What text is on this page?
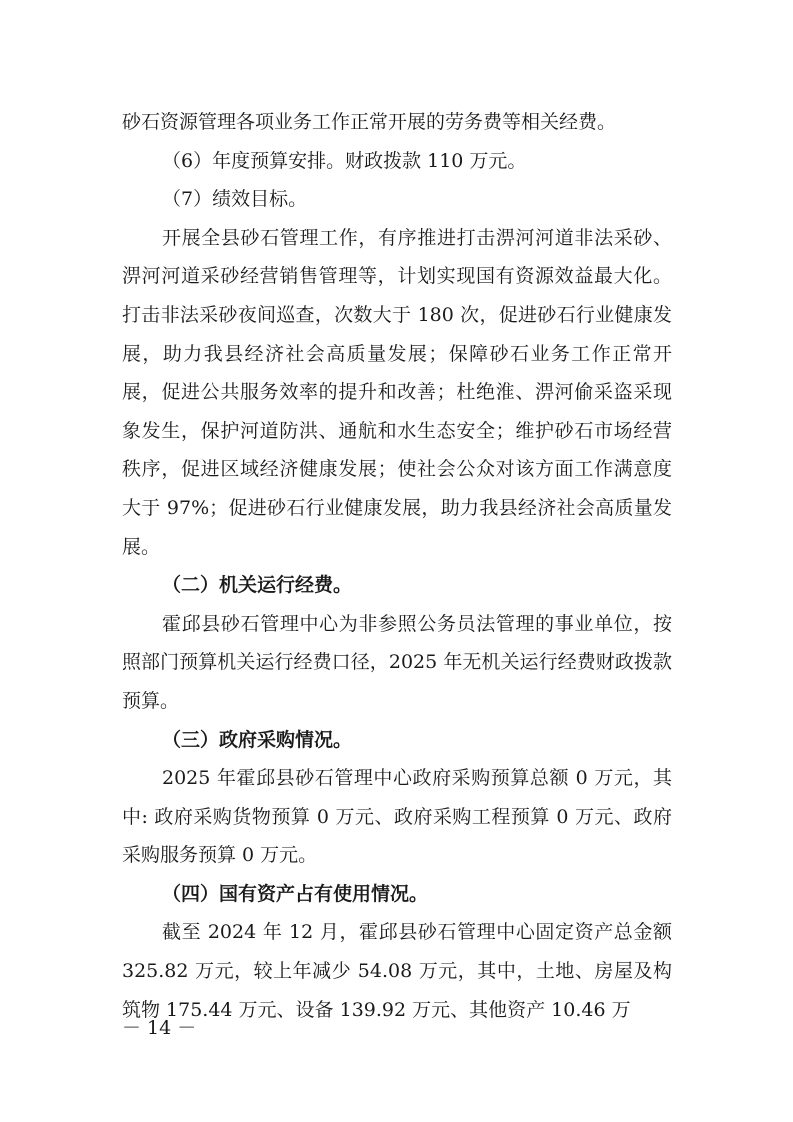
砂石资源管理各项业务工作正常开展的劳务费等相关经费。

（6）年度预算安排。财政拨款 110 万元。

（7）绩效目标。

开展全县砂石管理工作，有序推进打击淠河河道非法采砂、淠河河道采砂经营销售管理等，计划实现国有资源效益最大化。打击非法采砂夜间巡查，次数大于 180 次，促进砂石行业健康发展，助力我县经济社会高质量发展；保障砂石业务工作正常开展，促进公共服务效率的提升和改善；杜绝淮、淠河偷采盗采现象发生，保护河道防洪、通航和水生态安全；维护砂石市场经营秩序，促进区域经济健康发展；使社会公众对该方面工作满意度大于 97%；促进砂石行业健康发展，助力我县经济社会高质量发展。

（二）机关运行经费。

霍邱县砂石管理中心为非参照公务员法管理的事业单位，按照部门预算机关运行经费口径，2025 年无机关运行经费财政拨款预算。

（三）政府采购情况。

2025 年霍邱县砂石管理中心政府采购预算总额 0 万元，其中: 政府采购货物预算 0 万元、政府采购工程预算 0 万元、政府采购服务预算 0 万元。

（四）国有资产占有使用情况。

截至 2024 年 12 月，霍邱县砂石管理中心固定资产总金额 325.82 万元，较上年减少 54.08 万元，其中，土地、房屋及构筑物 175.44 万元、设备 139.92 万元、其他资产 10.46 万

－ 14 －
